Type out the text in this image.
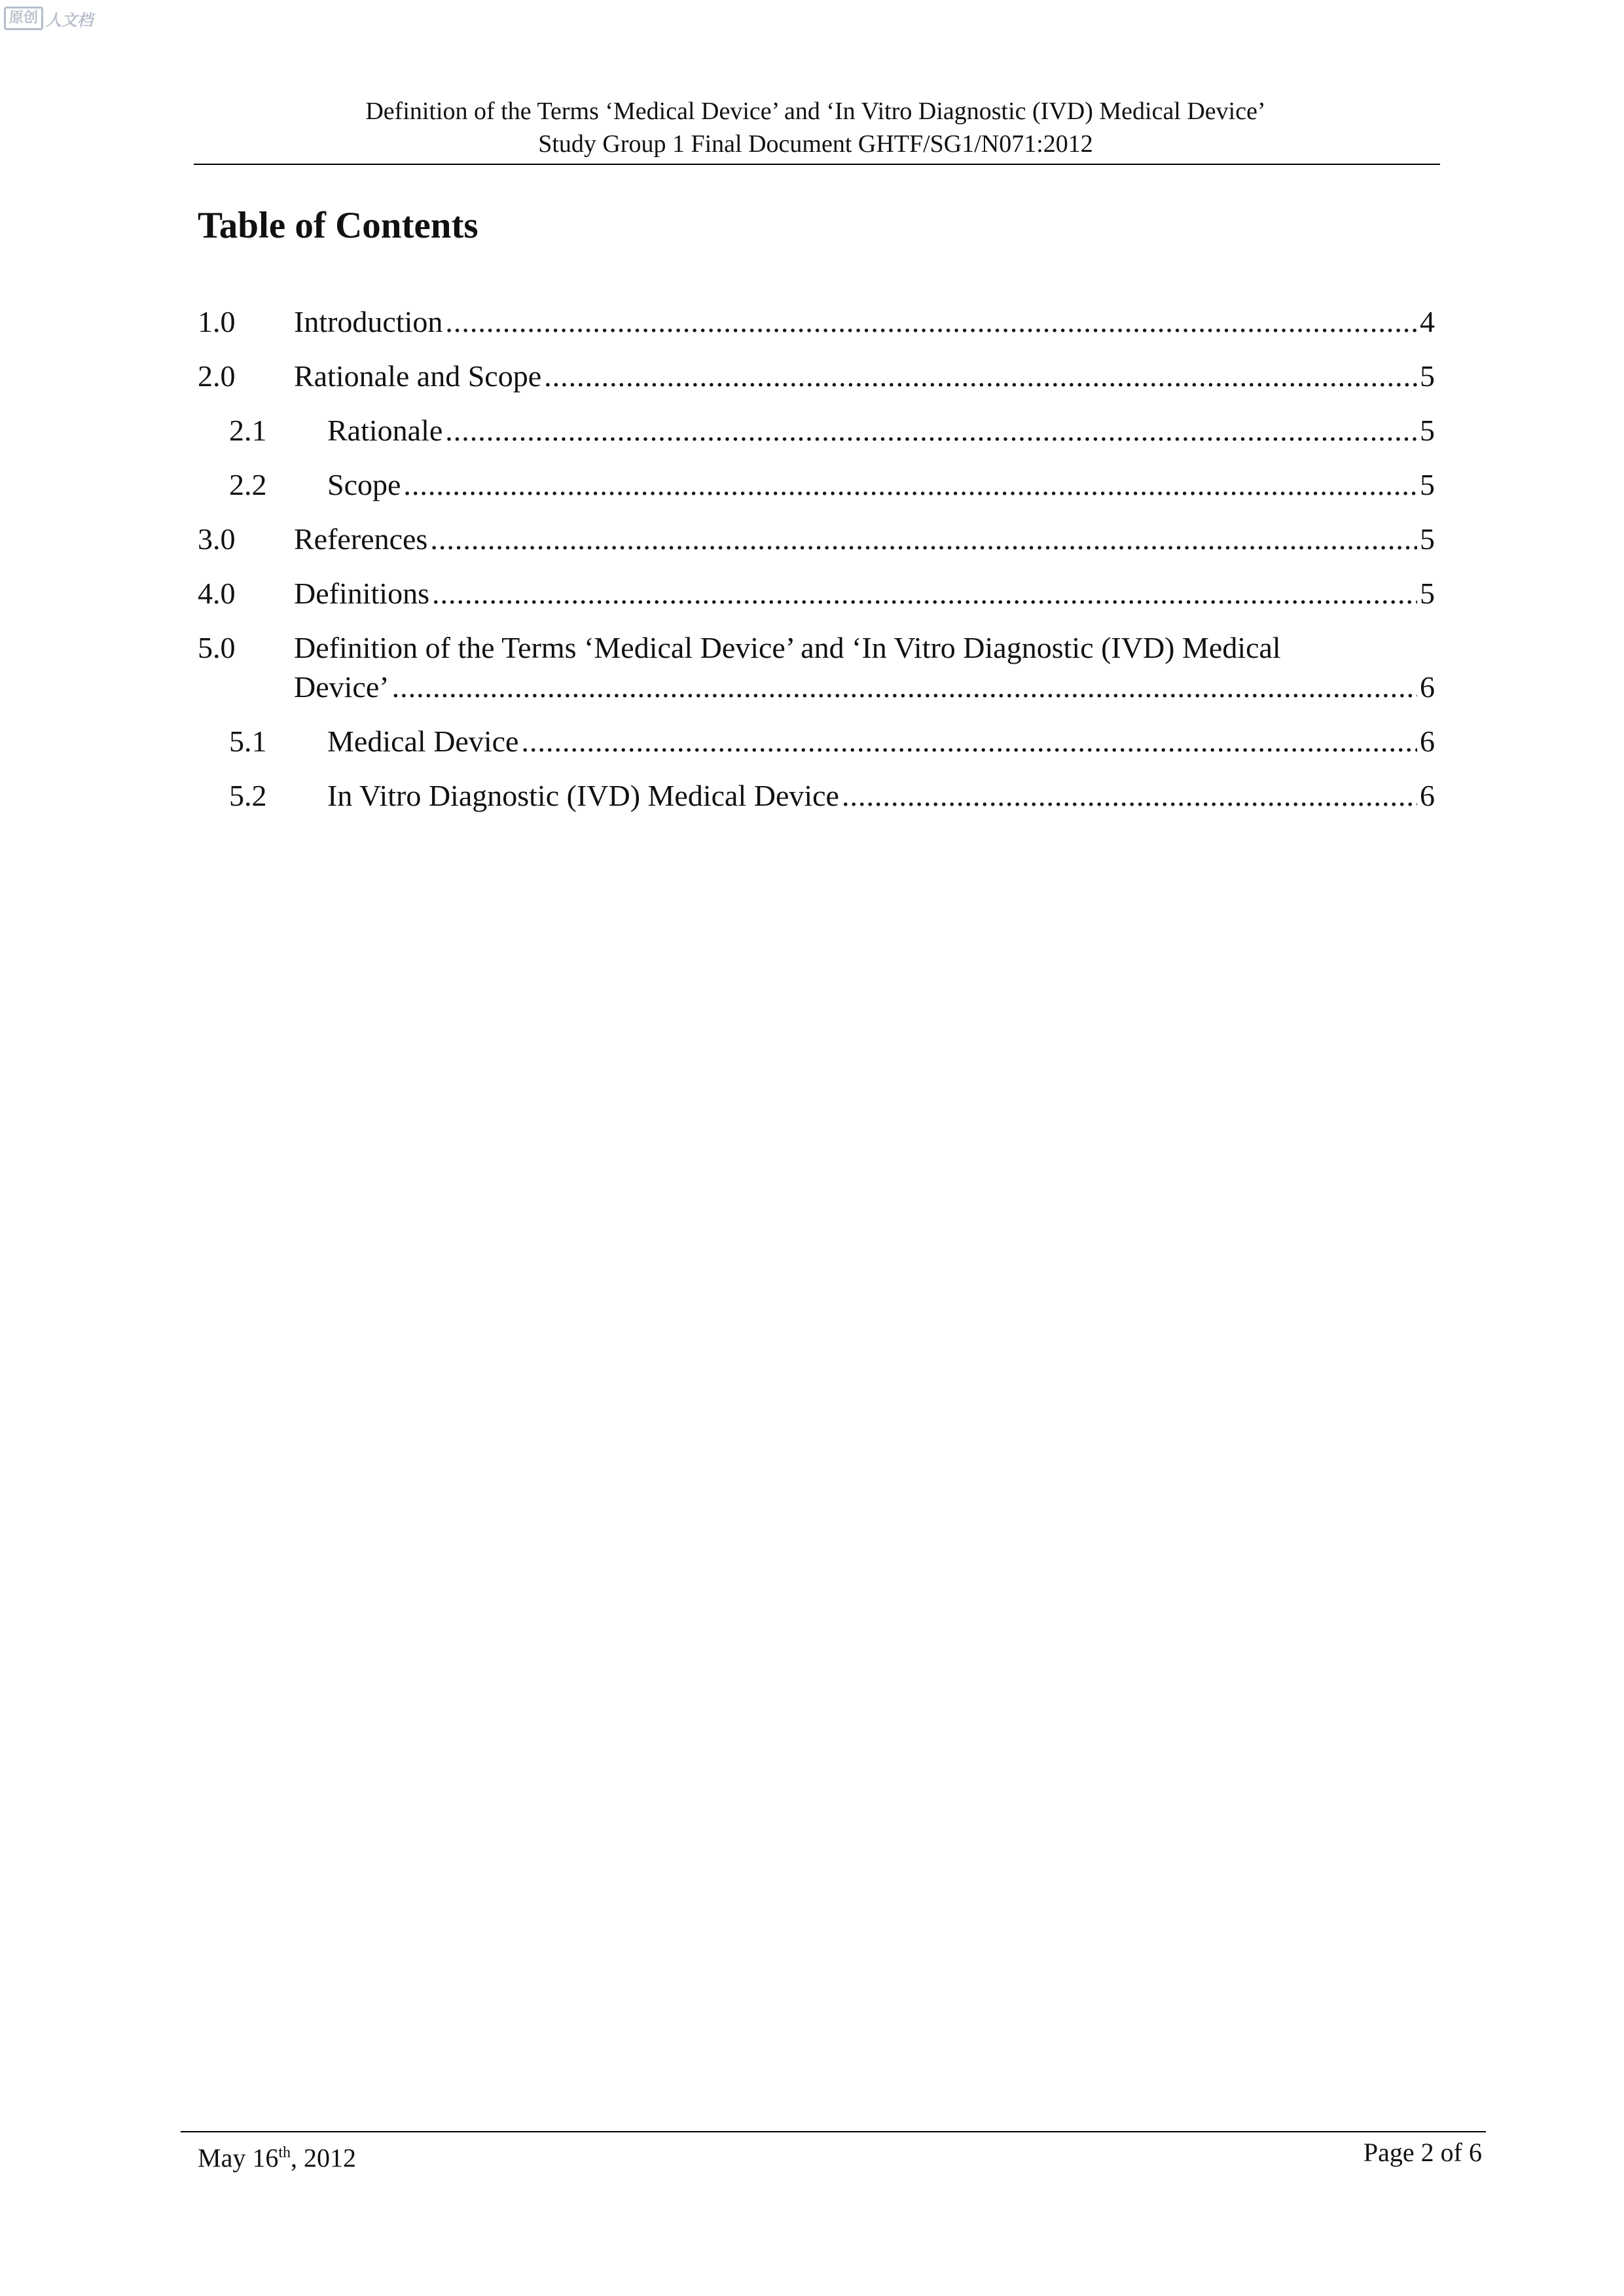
原创 人文档
Definition of the Terms ‘Medical Device’ and ‘In Vitro Diagnostic (IVD) Medical Device’
Study Group 1 Final Document GHTF/SG1/N071:2012
Table of Contents
1.0	Introduction .....	4
2.0	Rationale and Scope .....	5
2.1	Rationale .....	5
2.2	Scope .....	5
3.0	References .....	5
4.0	Definitions .....	5
5.0	Definition of the Terms ‘Medical Device’ and ‘In Vitro Diagnostic (IVD) Medical
Device’ .....	6
5.1	Medical Device .....	6
5.2	In Vitro Diagnostic (IVD) Medical Device .....	6
May 16th, 2012	Page 2 of 6
